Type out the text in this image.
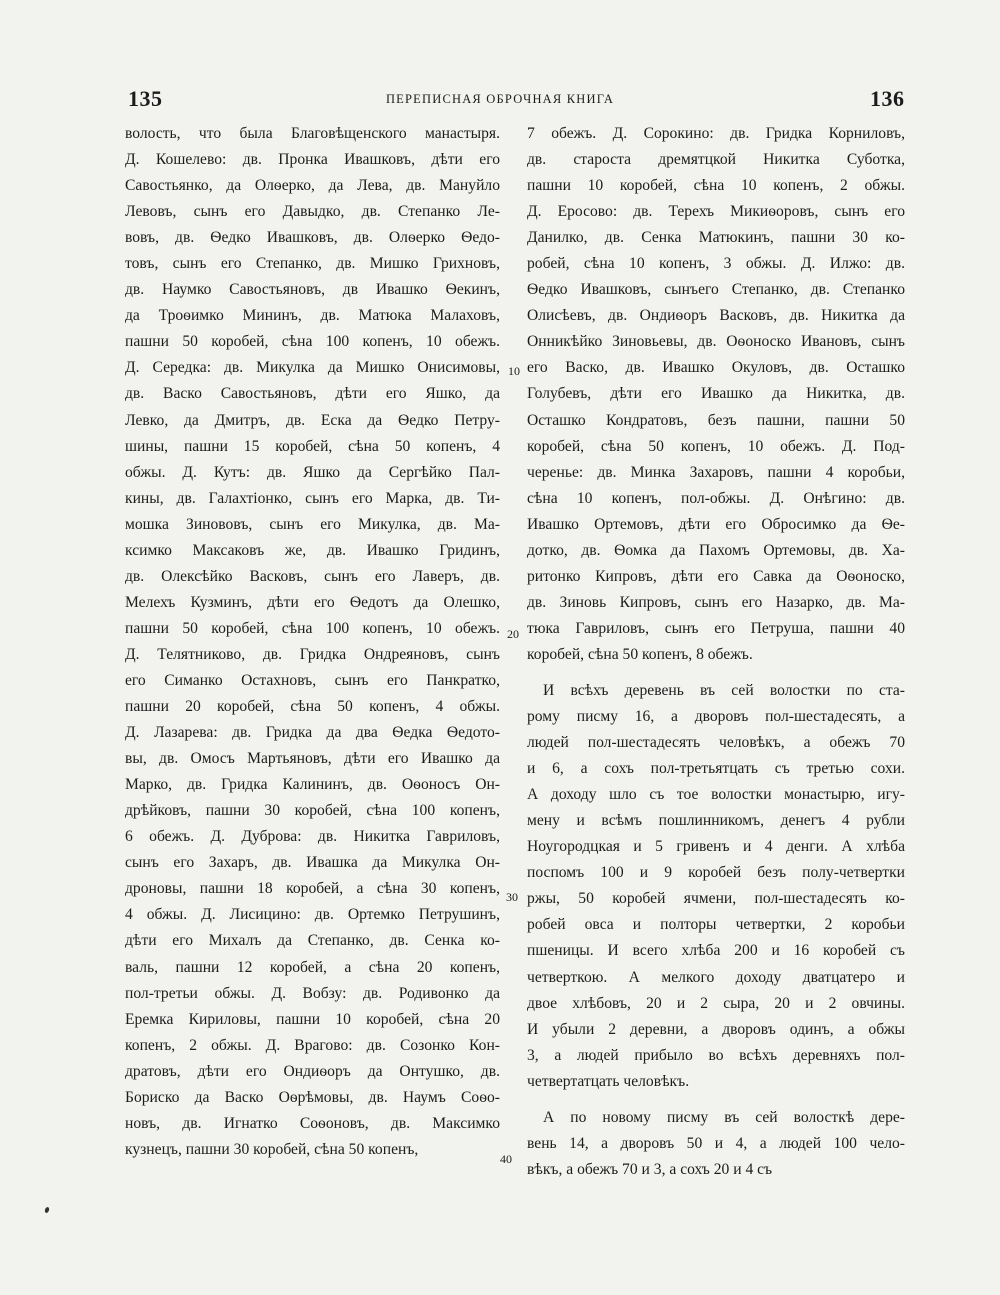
135	ПЕРЕПИСНАЯ ОБРОЧНАЯ КНИГА	136
волость, что была Благовѣщенского манастыря.
Д. Кошелево: дв. Пронка Ивашковъ, дѣти его
Савостьянко, да Олѳерко, да Лева, дв. Мануйло
Левовъ, сынъ его Давыдко, дв. Степанко Ле-
вовъ, дв. Ѳедко Ивашковъ, дв. Олѳерко Ѳедо-
товъ, сынъ его Степанко, дв. Мишко Грихновъ,
дв. Наумко Савостьяновъ, дв Ивашко Ѳекинъ,
да Троѳимко Мининъ, дв. Матюка Малаховъ,
пашни 50 коробей, сѣна 100 копенъ, 10 обежъ.
Д. Середка: дв. Микулка да Мишко Онисимовы,
дв. Васко Савостьяновъ, дѣти его Яшко, да
Левко, да Дмитръ, дв. Еска да Ѳедко Петру-
шины, пашни 15 коробей, сѣна 50 копенъ, 4
обжы. Д. Кутъ: дв. Яшко да Сергѣйко Пал-
кины, дв. Галахтіонко, сынъ его Марка, дв. Ти-
мошка Зинововъ, сынъ его Микулка, дв. Ма-
ксимко Максаковъ же, дв. Ивашко Гридинъ,
дв. Олексѣйко Васковъ, сынъ его Лаверъ, дв.
Мелехъ Кузминъ, дѣти его Ѳедотъ да Олешко,
пашни 50 коробей, сѣна 100 копенъ, 10 обежъ.
Д. Телятниково, дв. Гридка Ондреяновъ, сынъ
его Симанко Остахновъ, сынъ его Панкратко,
пашни 20 коробей, сѣна 50 копенъ, 4 обжы.
Д. Лазарева: дв. Гридка да два Ѳедка Ѳедото-
вы, дв. Омосъ Мартьяновъ, дѣти его Ивашко да
Марко, дв. Гридка Калининъ, дв. Оѳоносъ Он-
дрѣйковъ, пашни 30 коробей, сѣна 100 копенъ,
6 обежъ. Д. Дуброва: дв. Никитка Гавриловъ,
сынъ его Захаръ, дв. Ивашка да Микулка Он-
дроновы, пашни 18 коробей, а сѣна 30 копенъ,
4 обжы. Д. Лисицино: дв. Ортемко Петрушинъ,
дѣти его Михалъ да Степанко, дв. Сенка ко-
валь, пашни 12 коробей, а сѣна 20 копенъ,
пол-третьи обжы. Д. Вобзу: дв. Родивонко да
Еремка Кириловы, пашни 10 коробей, сѣна 20
копенъ, 2 обжы. Д. Врагово: дв. Созонко Кон-
дратовъ, дѣти его Ондиѳоръ да Онтушко, дв.
Бориско да Васко Оѳрѣмовы, дв. Наумъ Соѳо-
новъ, дв. Игнатко Соѳоновъ, дв. Максимко
кузнецъ, пашни 30 коробей, сѣна 50 копенъ,
7 обежъ. Д. Сорокино: дв. Гридка Корниловъ,
дв. староста дремятцкой Никитка Суботка,
пашни 10 коробей, сѣна 10 копенъ, 2 обжы.
Д. Еросово: дв. Терехъ Микиѳоровъ, сынъ его
Данилко, дв. Сенка Матюкинъ, пашни 30 ко-
робей, сѣна 10 копенъ, 3 обжы. Д. Илжо: дв.
Ѳедко Ивашковъ, сынъего Степанко, дв. Степанко
Олисѣевъ, дв. Ондиѳоръ Васковъ, дв. Никитка да
Онникѣйко Зиновьевы, дв. Оѳоноско Ивановъ, сынъ
его Васко, дв. Ивашко Окуловъ, дв. Осташко
Голубевъ, дѣти его Ивашко да Никитка, дв.
Осташко Кондратовъ, безъ пашни, пашни 50
коробей, сѣна 50 копенъ, 10 обежъ. Д. Под-
черенье: дв. Минка Захаровъ, пашни 4 коробьи,
сѣна 10 копенъ, пол-обжы. Д. Онѣгино: дв.
Ивашко Ортемовъ, дѣти его Обросимко да Ѳе-
дотко, дв. Ѳомка да Пахомъ Ортемовы, дв. Ха-
ритонко Кипровъ, дѣти его Савка да Оѳоноско,
дв. Зиновь Кипровъ, сынъ его Назарко, дв. Ма-
тюка Гавриловъ, сынъ его Петруша, пашни 40
коробей, сѣна 50 копенъ, 8 обежъ.
И всѣхъ деревень въ сей волостки по ста-
рому писму 16, а дворовъ пол-шестадесять, а
людей пол-шестадесять человѣкъ, а обежъ 70
и 6, а сохъ пол-третьятцать съ третью сохи.
А доходу шло съ тое волостки монастырю, игу-
мену и всѣмъ пошлинникомъ, денегъ 4 рубли
Ноугородцкая и 5 гривенъ и 4 денги. А хлѣба
поспомъ 100 и 9 коробей безъ полу-четвертки
ржы, 50 коробей ячмени, пол-шестадесять ко-
робей овса и полторы четвертки, 2 коробьи
пшеницы. И всего хлѣба 200 и 16 коробей съ
четверткою. А мелкого доходу дватцатеро и
двое хлѣбовъ, 20 и 2 сыра, 20 и 2 овчины.
И убыли 2 деревни, а дворовъ одинъ, а обжы
3, а людей прибыло во всѣхъ деревняхъ пол-
четвертатцать человѣкъ.
А по новому писму въ сей волосткѣ дере-
вень 14, а дворовъ 50 и 4, а людей 100 чело-
вѣкъ, а обежъ 70 и 3, а сохъ 20 и 4 съ
10
20
30
40
